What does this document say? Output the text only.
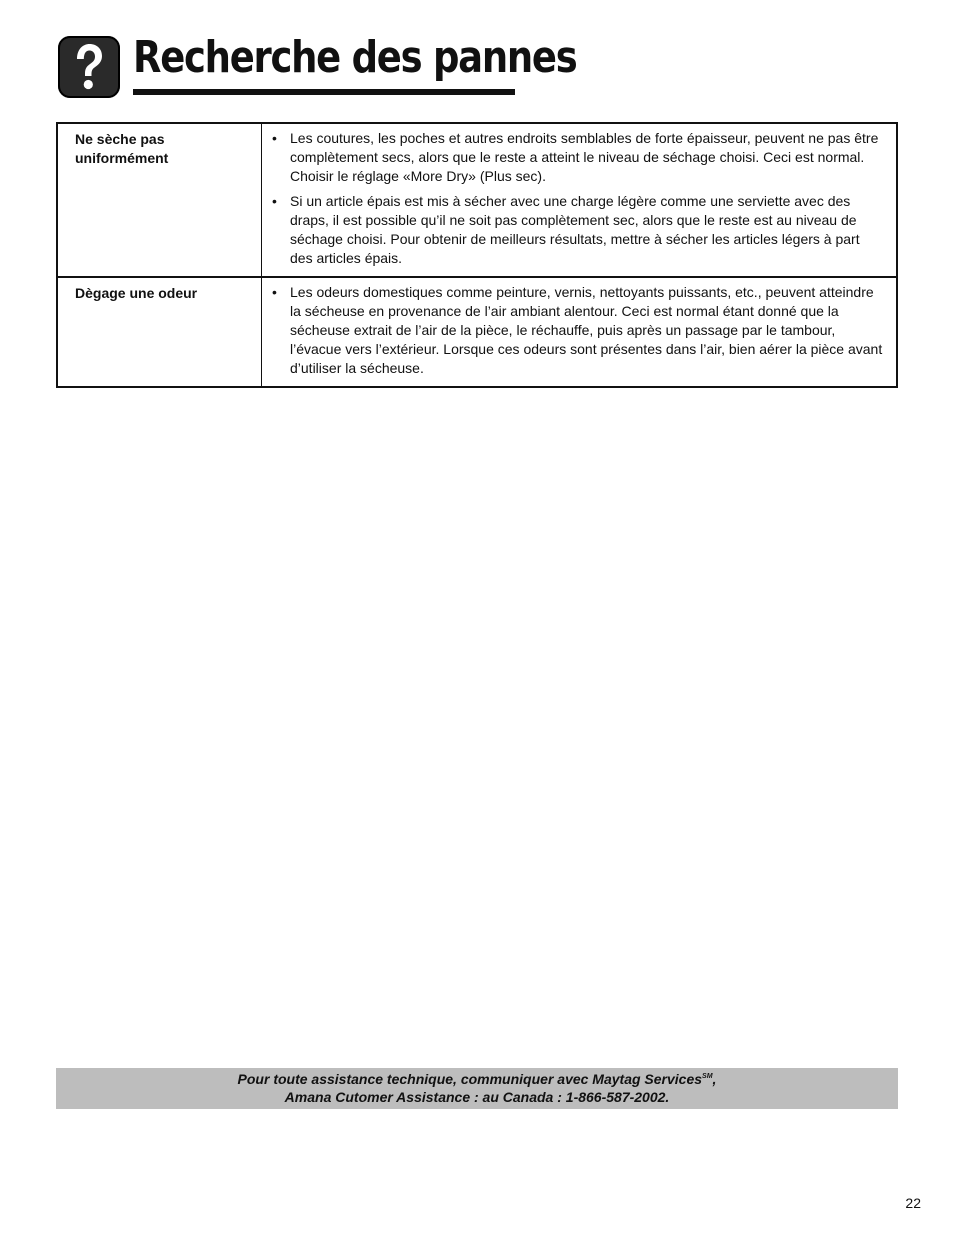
Recherche des pannes
Ne sèche pas uniformément	• Les coutures, les poches et autres endroits semblables de forte épaisseur, peuvent ne pas être complètement secs, alors que le reste a atteint le niveau de séchage choisi. Ceci est normal. Choisir le réglage «More Dry» (Plus sec).
• Si un article épais est mis à sécher avec une charge légère comme une serviette avec des draps, il est possible qu’il ne soit pas complètement sec, alors que le reste est au niveau de séchage choisi. Pour obtenir de meilleurs résultats, mettre à sécher les articles légers à part des articles épais.

Dègage une odeur	• Les odeurs domestiques comme peinture, vernis, nettoyants puissants, etc., peuvent atteindre la sécheuse en provenance de l’air ambiant alentour. Ceci est normal étant donné que la sécheuse extrait de l’air de la pièce, le réchauffe, puis après un passage par le tambour, l’évacue vers l’extérieur. Lorsque ces odeurs sont présentes dans l’air, bien aérer la pièce avant d’utiliser la sécheuse.
Pour toute assistance technique, communiquer avec Maytag Services℠,
Amana Cutomer Assistance : au Canada : 1-866-587-2002.
22
